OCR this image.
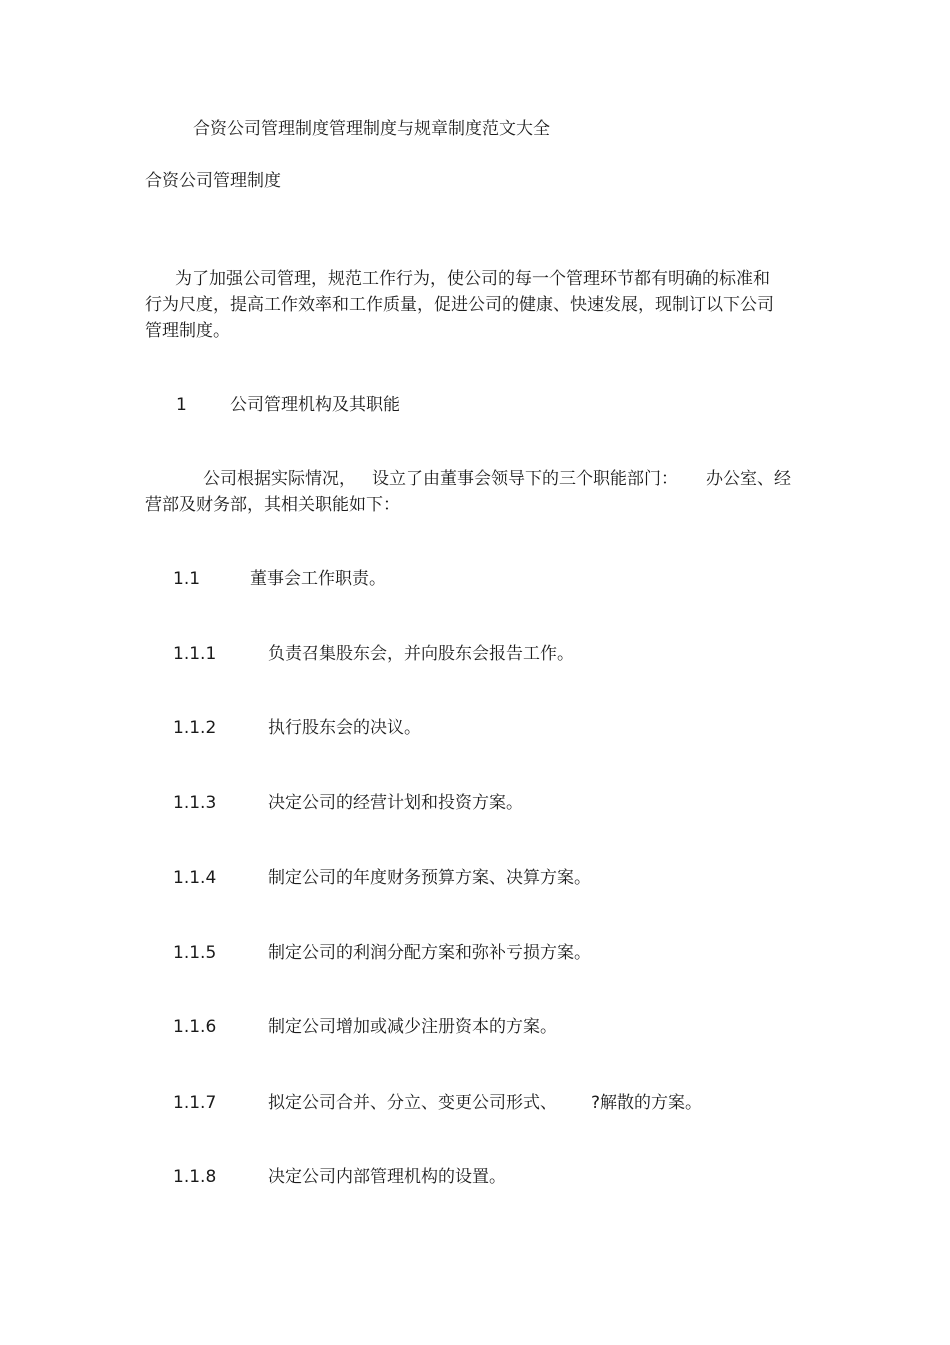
合资公司管理制度管理制度与规章制度范文大全
合资公司管理制度
为了加强公司管理，规范工作行为，使公司的每一个管理环节都有明确的标准和行为尺度，提高工作效率和工作质量，促进公司的健康、快速发展，现制订以下公司管理制度。
1	公司管理机构及其职能
公司根据实际情况， 设立了由董事会领导下的三个职能部门： 办公室、经
营部及财务部，其相关职能如下：
1.1	董事会工作职责。
1.1.1	负责召集股东会，并向股东会报告工作。
1.1.2	执行股东会的决议。
1.1.3	决定公司的经营计划和投资方案。
1.1.4	制定公司的年度财务预算方案、决算方案。
1.1.5	制定公司的利润分配方案和弥补亏损方案。
1.1.6	制定公司增加或减少注册资本的方案。
1.1.7	拟定公司合并、分立、变更公司形式、 ?解散的方案。
1.1.8	决定公司内部管理机构的设置。
